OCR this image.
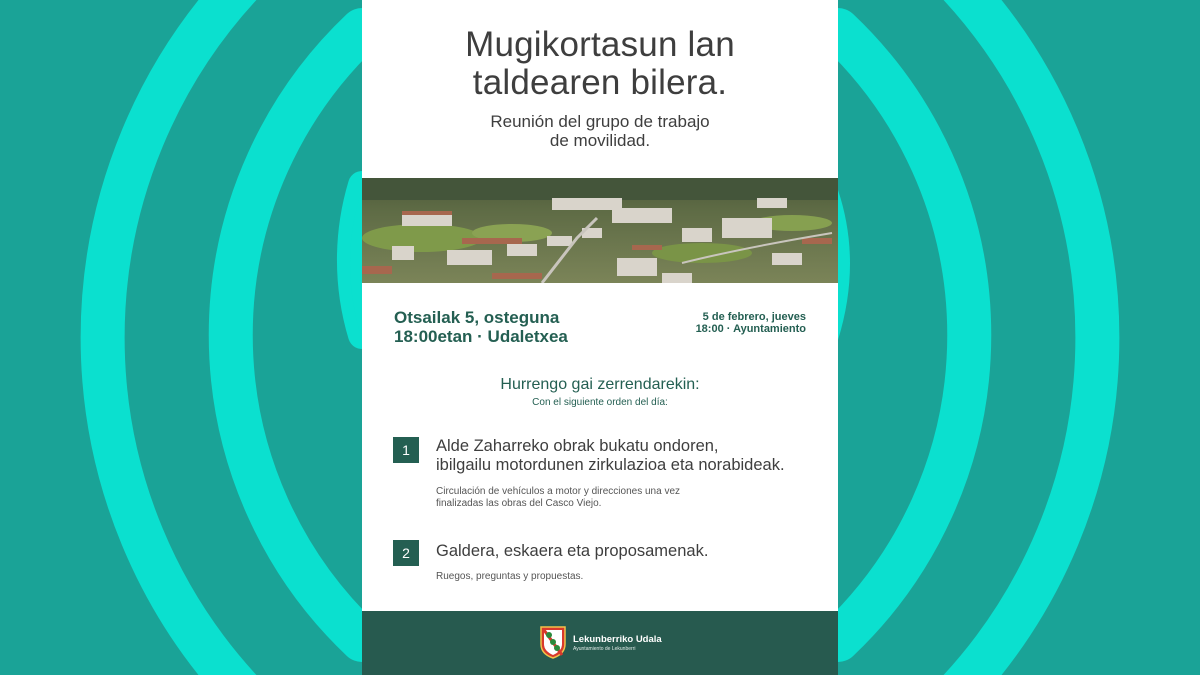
Mugikortasun lan
taldearen bilera.
Reunión del grupo de trabajo
de movilidad.
Otsailak 5, osteguna
18:00etan · Udaletxea
5 de febrero, jueves
18:00 · Ayuntamiento
Hurrengo gai zerrendarekin:
Con el siguiente orden del día:
1	Alde Zaharreko obrak bukatu ondoren,
ibilgailu motordunen zirkulazioa eta norabideak.
Circulación de vehículos a motor y direcciones una vez
finalizadas las obras del Casco Viejo.
2	Galdera, eskaera eta proposamenak.
Ruegos, preguntas y propuestas.
Lekunberriko Udala
Ayuntamiento de Lekunberri
